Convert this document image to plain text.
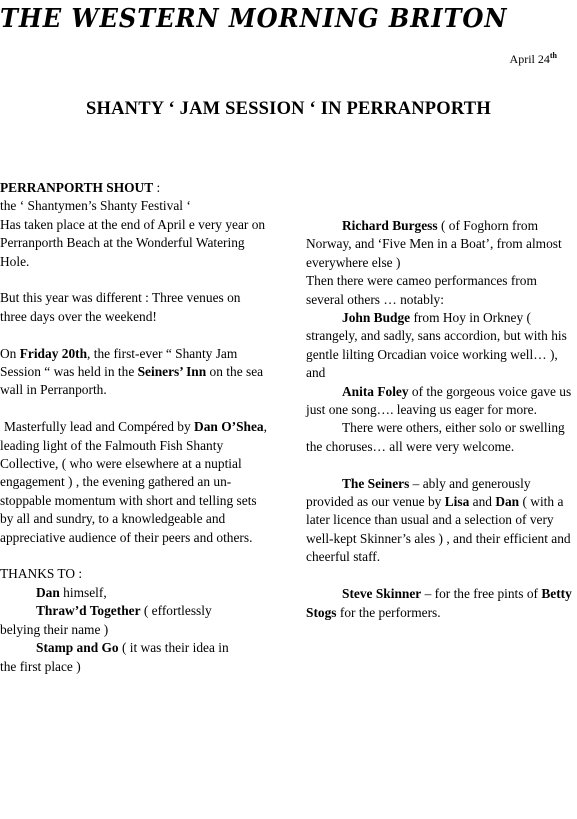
THE WESTERN MORNING BRITON
April 24th
SHANTY ‘ JAM SESSION ‘ IN PERRANPORTH

PERRANPORTH SHOUT :

the ‘ Shantymen’s Shanty Festival ‘

Has taken place at the end of April e very year on Perranporth Beach at the Wonderful Watering Hole.

But this year was different : Three venues on three days over the weekend!

On Friday 20th, the first-ever “ Shanty Jam Session “ was held in the Seiners’ Inn on the sea wall in Perranporth.

Masterfully lead and Compéred by Dan O’Shea, leading light of the Falmouth Fish Shanty Collective, ( who were elsewhere at a nuptial engagement ) , the evening gathered an un-stoppable momentum with short and telling sets by all and sundry, to a knowledgeable and appreciative audience of their peers and others.

THANKS TO :

Dan himself,

Thraw’d Together ( effortlessly

belying their name )

Stamp and Go ( it was their idea in

the first place )

Richard Burgess ( of Foghorn from Norway, and ‘Five Men in a Boat’, from almost everywhere else )

Then there were cameo performances from several others … notably:

John Budge from Hoy in Orkney ( strangely, and sadly, sans accordion, but with his gentle lilting Orcadian voice working well… ), and

Anita Foley of the gorgeous voice gave us just one song…. leaving us eager for more.

There were others, either solo or swelling the choruses… all were very welcome.

The Seiners – ably and generously provided as our venue by Lisa and Dan ( with a later licence than usual and a selection of very well-kept Skinner’s ales ) , and their efficient and cheerful staff.

Steve Skinner – for the free pints of Betty Stogs for the performers.
